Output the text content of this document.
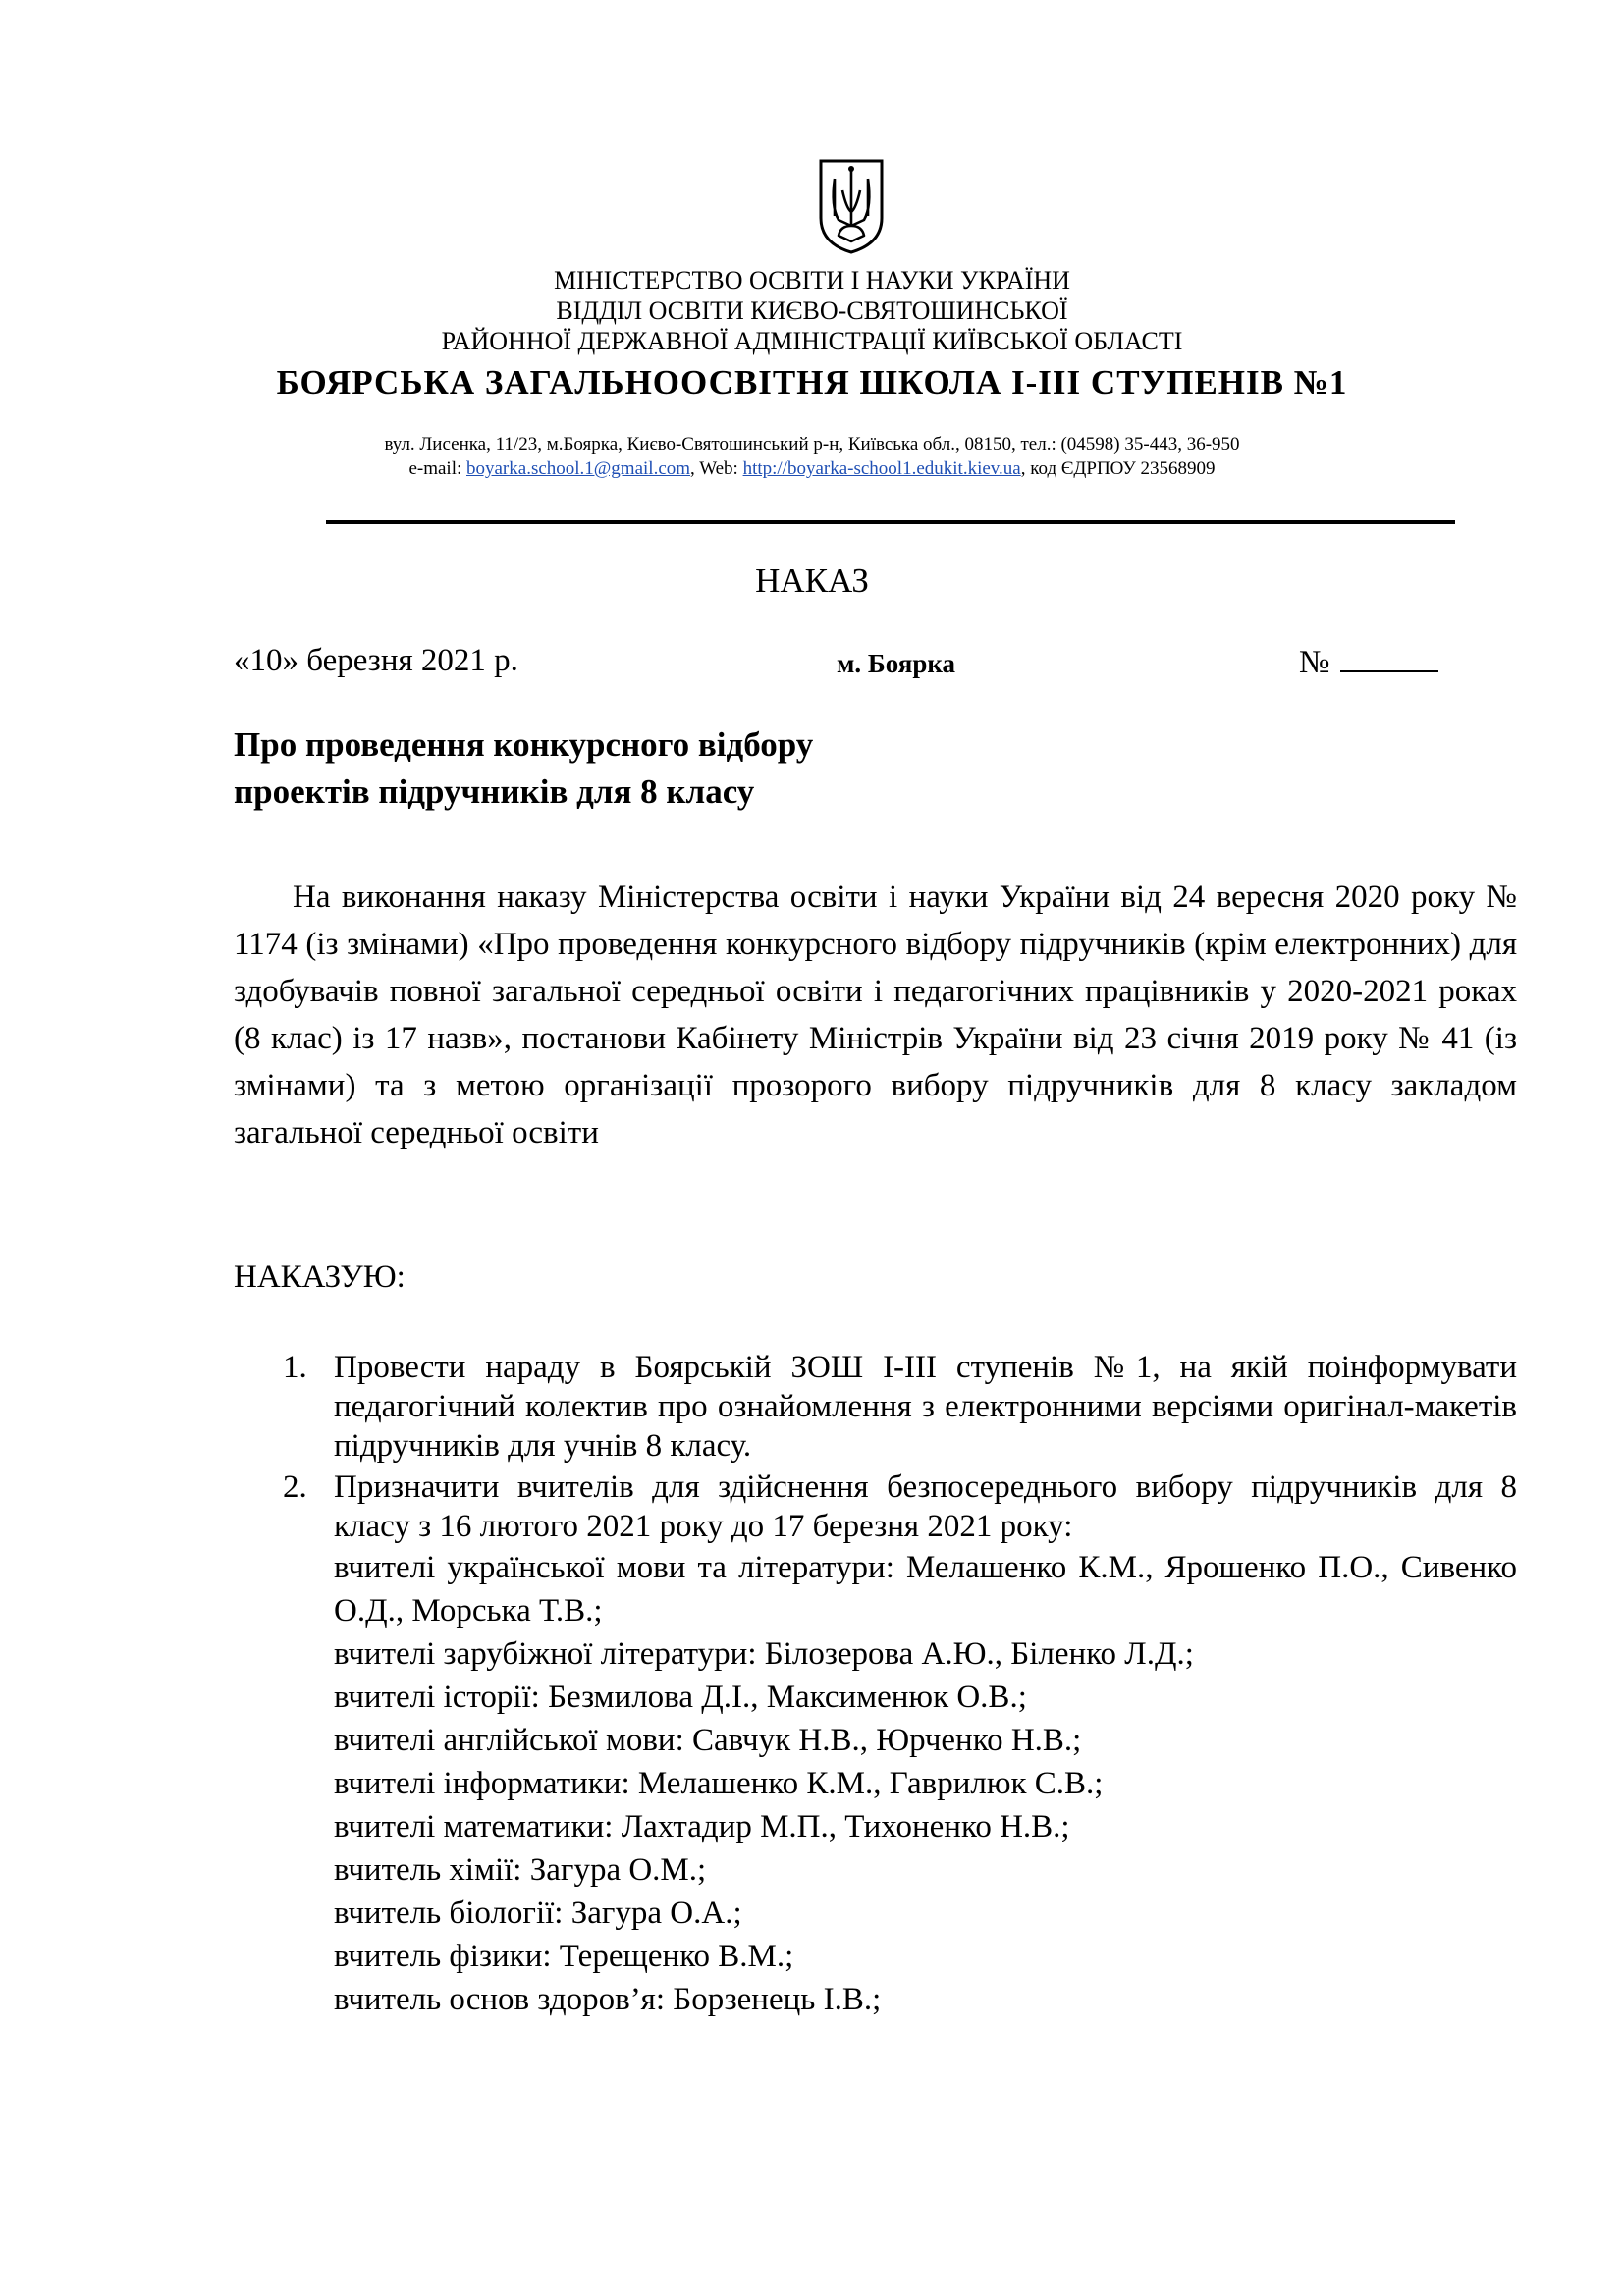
МІНІСТЕРСТВО ОСВІТИ І НАУКИ УКРАЇНИ
ВІДДІЛ ОСВІТИ КИЄВО-СВЯТОШИНСЬКОЇ
РАЙОННОЇ ДЕРЖАВНОЇ АДМІНІСТРАЦІЇ КИЇВСЬКОЇ ОБЛАСТІ
БОЯРСЬКА ЗАГАЛЬНООСВІТНЯ ШКОЛА І-ІІІ СТУПЕНІВ №1
вул. Лисенка, 11/23, м.Боярка, Києво-Святошинський р-н, Київська обл., 08150, тел.: (04598) 35-443, 36-950
e-mail: boyarka.school.1@gmail.com, Web: http://boyarka-school1.edukit.kiev.ua, код ЄДРПОУ 23568909
НАКАЗ
«10» березня 2021 р.	м. Боярка	№
Про проведення конкурсного відбору
проектів підручників для 8 класу
На виконання наказу Міністерства освіти і науки України від 24 вересня 2020 року № 1174 (із змінами) «Про проведення конкурсного відбору підручників (крім електронних) для здобувачів повної загальної середньої освіти і педагогічних працівників у 2020-2021 роках (8 клас) із 17 назв», постанови Кабінету Міністрів України від 23 січня 2019 року № 41 (із змінами) та з метою організації прозорого вибору підручників для 8 класу закладом загальної середньої освіти
НАКАЗУЮ:
1. Провести нараду в Боярській ЗОШ І-ІІІ ступенів №1, на якій поінформувати педагогічний колектив про ознайомлення з електронними версіями оригінал-макетів підручників для учнів 8 класу.
2. Призначити вчителів для здійснення безпосереднього вибору підручників для 8 класу з 16 лютого 2021 року до 17 березня 2021 року:
вчителі української мови та літератури: Мелашенко К.М., Ярошенко П.О., Сивенко О.Д., Морська Т.В.;
вчителі зарубіжної літератури: Білозерова А.Ю., Біленко Л.Д.;
вчителі історії: Безмилова Д.І., Максименюк О.В.;
вчителі англійської мови: Савчук Н.В., Юрченко Н.В.;
вчителі інформатики: Мелашенко К.М., Гаврилюк С.В.;
вчителі математики: Лахтадир М.П., Тихоненко Н.В.;
вчитель хімії: Загура О.М.;
вчитель біології: Загура О.А.;
вчитель фізики: Терещенко В.М.;
вчитель основ здоров’я: Борзенець І.В.;
